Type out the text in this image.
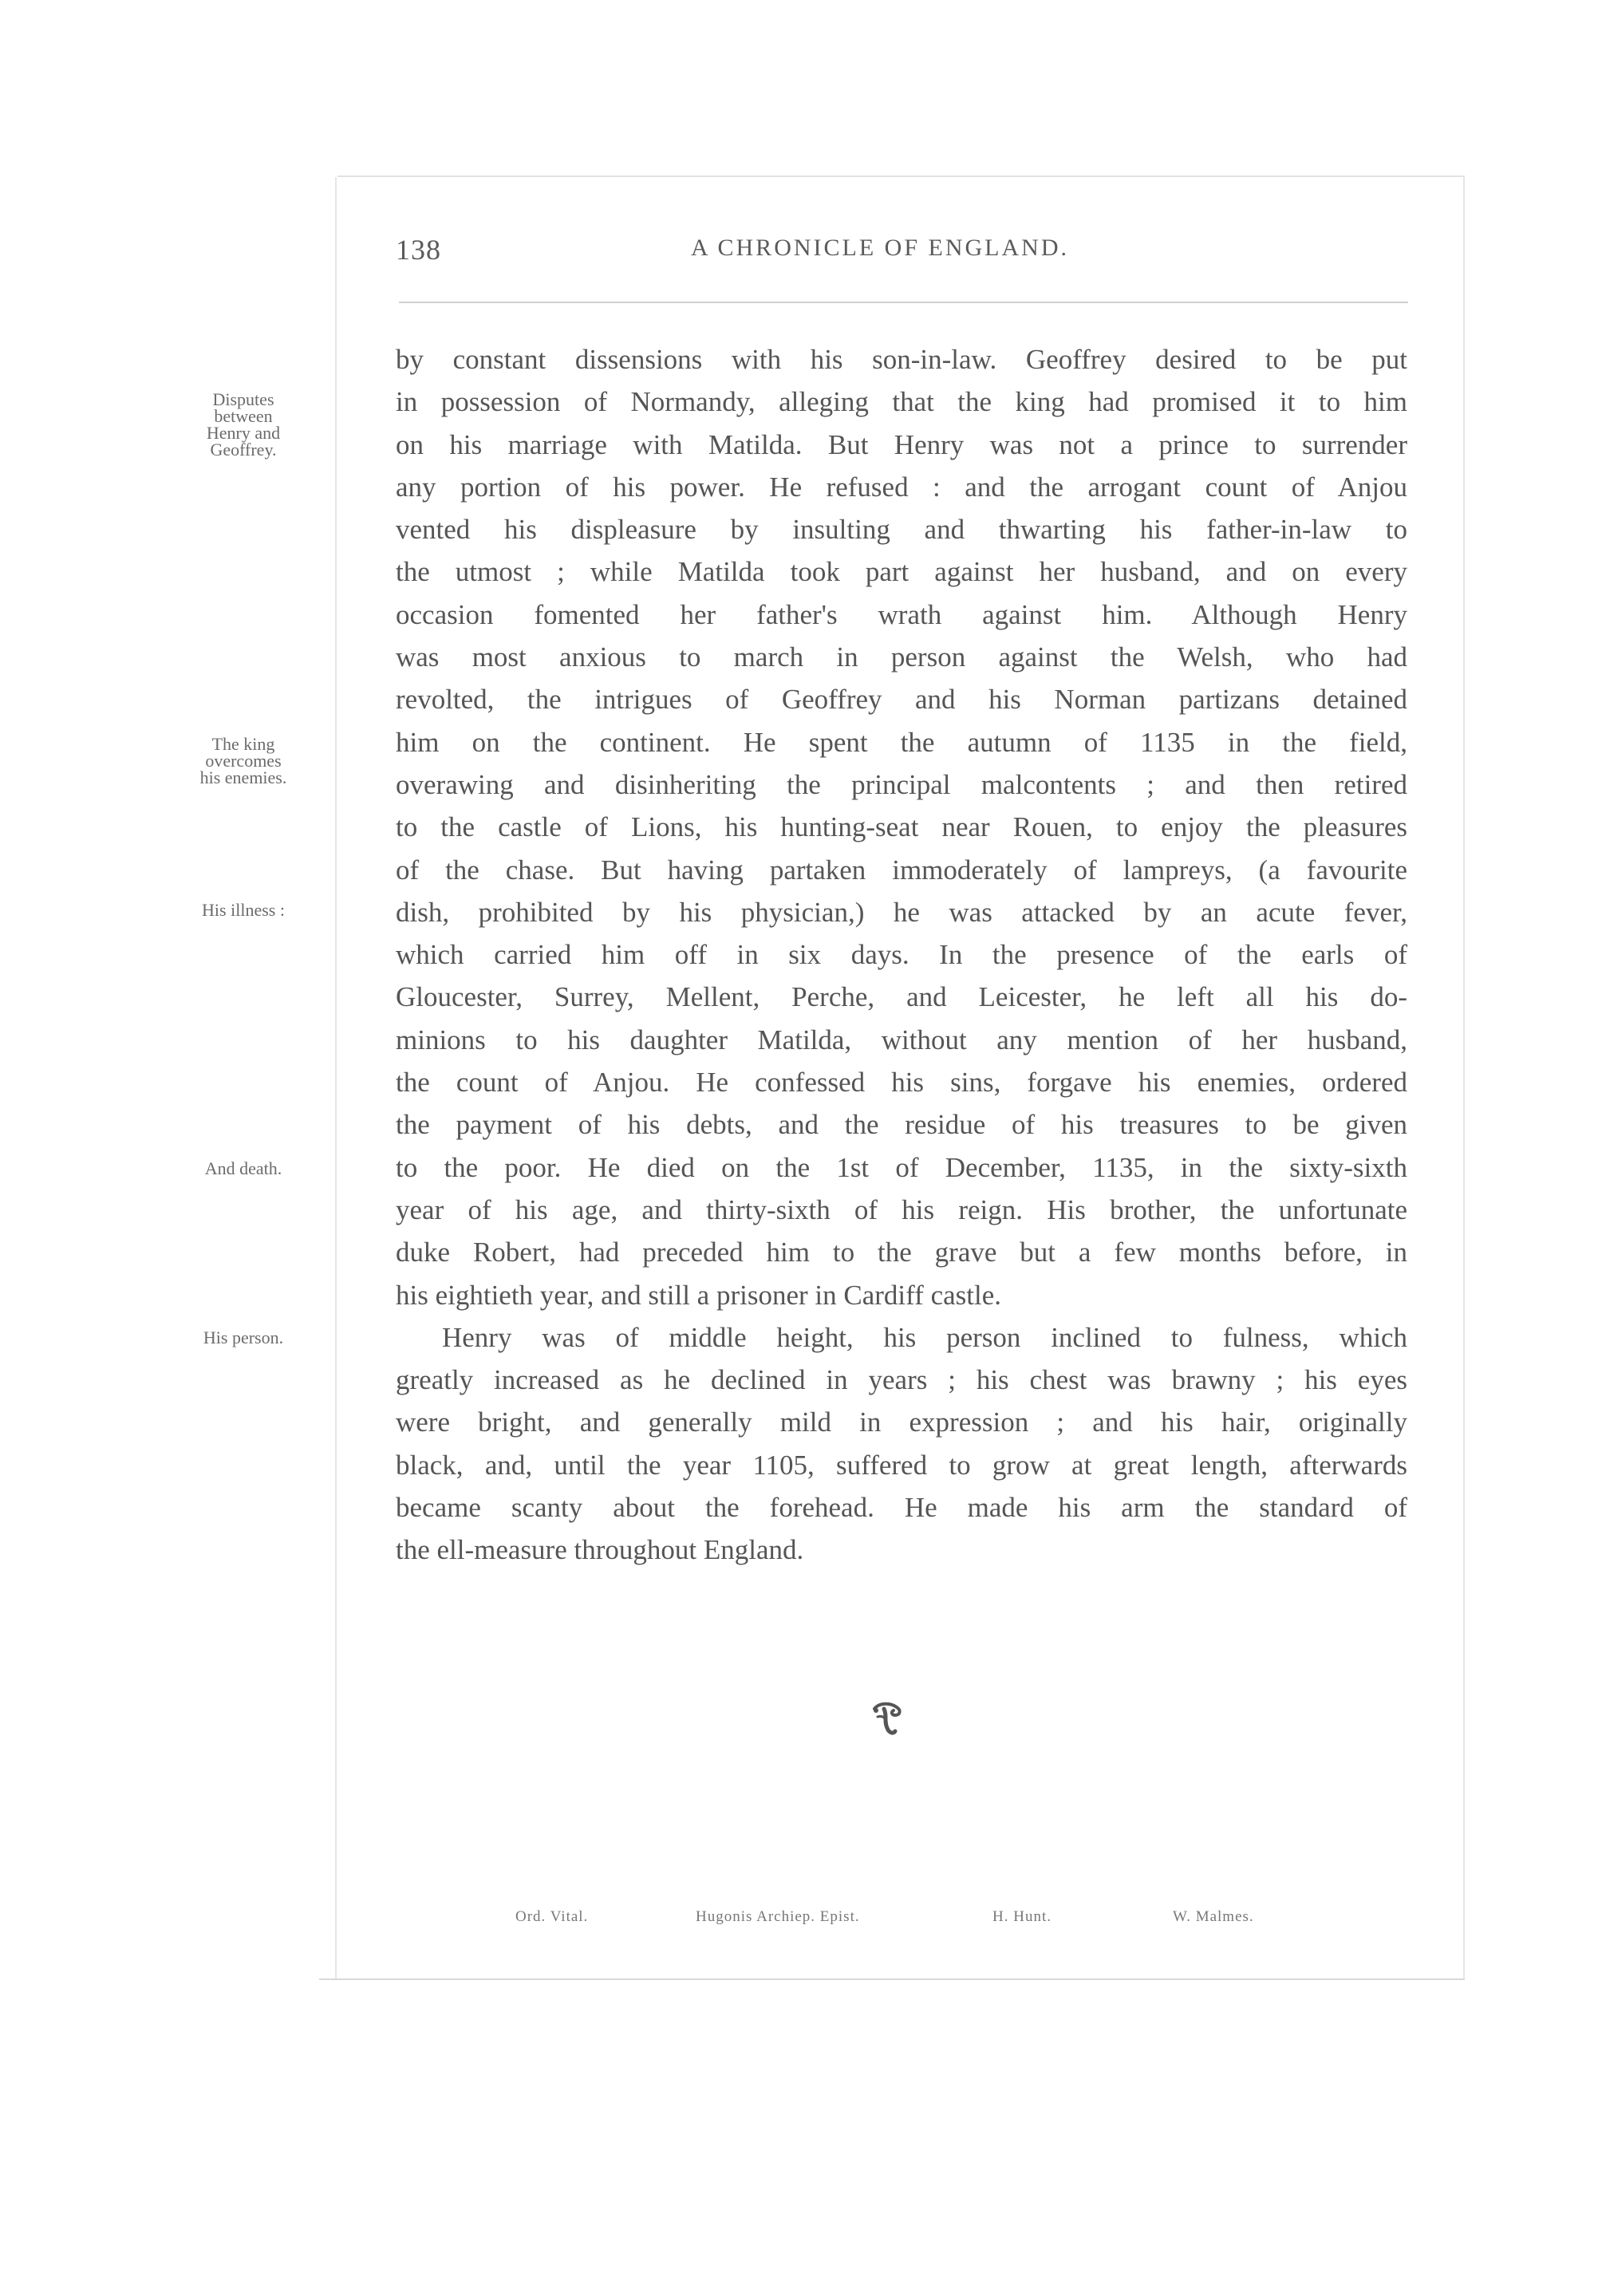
138	A CHRONICLE OF ENGLAND.
Disputes
between
Henry and
Geoffrey.
The king
overcomes
his enemies.
His illness :
And death.
His person.
by constant dissensions with his son-in-law. Geoffrey desired to be put
in possession of Normandy, alleging that the king had promised it to him
on his marriage with Matilda. But Henry was not a prince to surrender
any portion of his power. He refused : and the arrogant count of Anjou
vented his displeasure by insulting and thwarting his father-in-law to
the utmost ; while Matilda took part against her husband, and on every
occasion fomented her father's wrath against him. Although Henry
was most anxious to march in person against the Welsh, who had
revolted, the intrigues of Geoffrey and his Norman partizans detained
him on the continent. He spent the autumn of 1135 in the field,
overawing and disinheriting the principal malcontents ; and then retired
to the castle of Lions, his hunting-seat near Rouen, to enjoy the pleasures
of the chase. But having partaken immoderately of lampreys, (a favourite
dish, prohibited by his physician,) he was attacked by an acute fever,
which carried him off in six days. In the presence of the earls of
Gloucester, Surrey, Mellent, Perche, and Leicester, he left all his do-
minions to his daughter Matilda, without any mention of her husband,
the count of Anjou. He confessed his sins, forgave his enemies, ordered
the payment of his debts, and the residue of his treasures to be given
to the poor. He died on the 1st of December, 1135, in the sixty-sixth
year of his age, and thirty-sixth of his reign. His brother, the unfortunate
duke Robert, had preceded him to the grave but a few months before, in
his eightieth year, and still a prisoner in Cardiff castle.
Henry was of middle height, his person inclined to fulness, which
greatly increased as he declined in years ; his chest was brawny ; his eyes
were bright, and generally mild in expression ; and his hair, originally
black, and, until the year 1105, suffered to grow at great length, afterwards
became scanty about the forehead. He made his arm the standard of
the ell-measure throughout England.
Ord. Vital.	Hugonis Archiep. Epist.	H. Hunt.	W. Malmes.
